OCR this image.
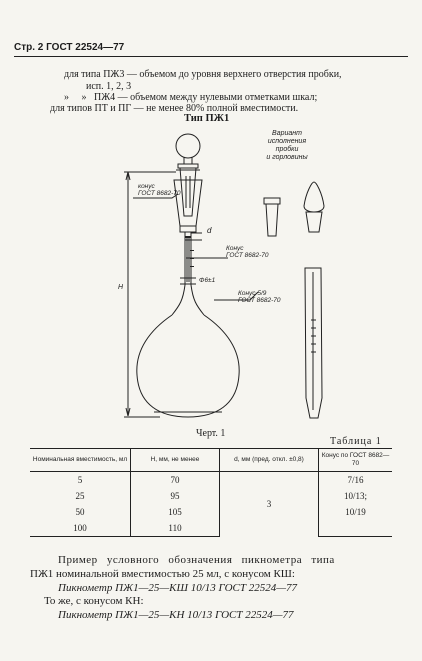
Стр. 2 ГОСТ 22524—77
для типа ПЖ3 — объемом до уровня верхнего отверстия пробки,
исп. 1, 2, 3
»     »   ПЖ4 — объемом между нулевыми отметками шкал;
для типов ПТ и ПГ — не менее 80% полной вместимости.
Тип ПЖ1
Вариант
исполнения
пробки
и горловины
конус
ГОСТ 8682-70
d
Конус
ГОСТ 8682-70
Φ6±1
Конус 5/9
ГОСТ 8682-70
H
Черт. 1
Таблица 1
Номинальная вместимость, мл	H, мм, не менее	d, мм (пред. откл. ±0,8)	Конус по ГОСТ 8682—70
5	70	3	7/16
25	95		10/13;
50	105		10/19
100	110		
Пример условного обозначения пикнометра типа
ПЖ1 номинальной вместимостью 25 мл, с конусом КШ:
Пикнометр ПЖ1—25—КШ 10/13 ГОСТ 22524—77
То же, с конусом КН:
Пикнометр ПЖ1—25—КН 10/13 ГОСТ 22524—77
